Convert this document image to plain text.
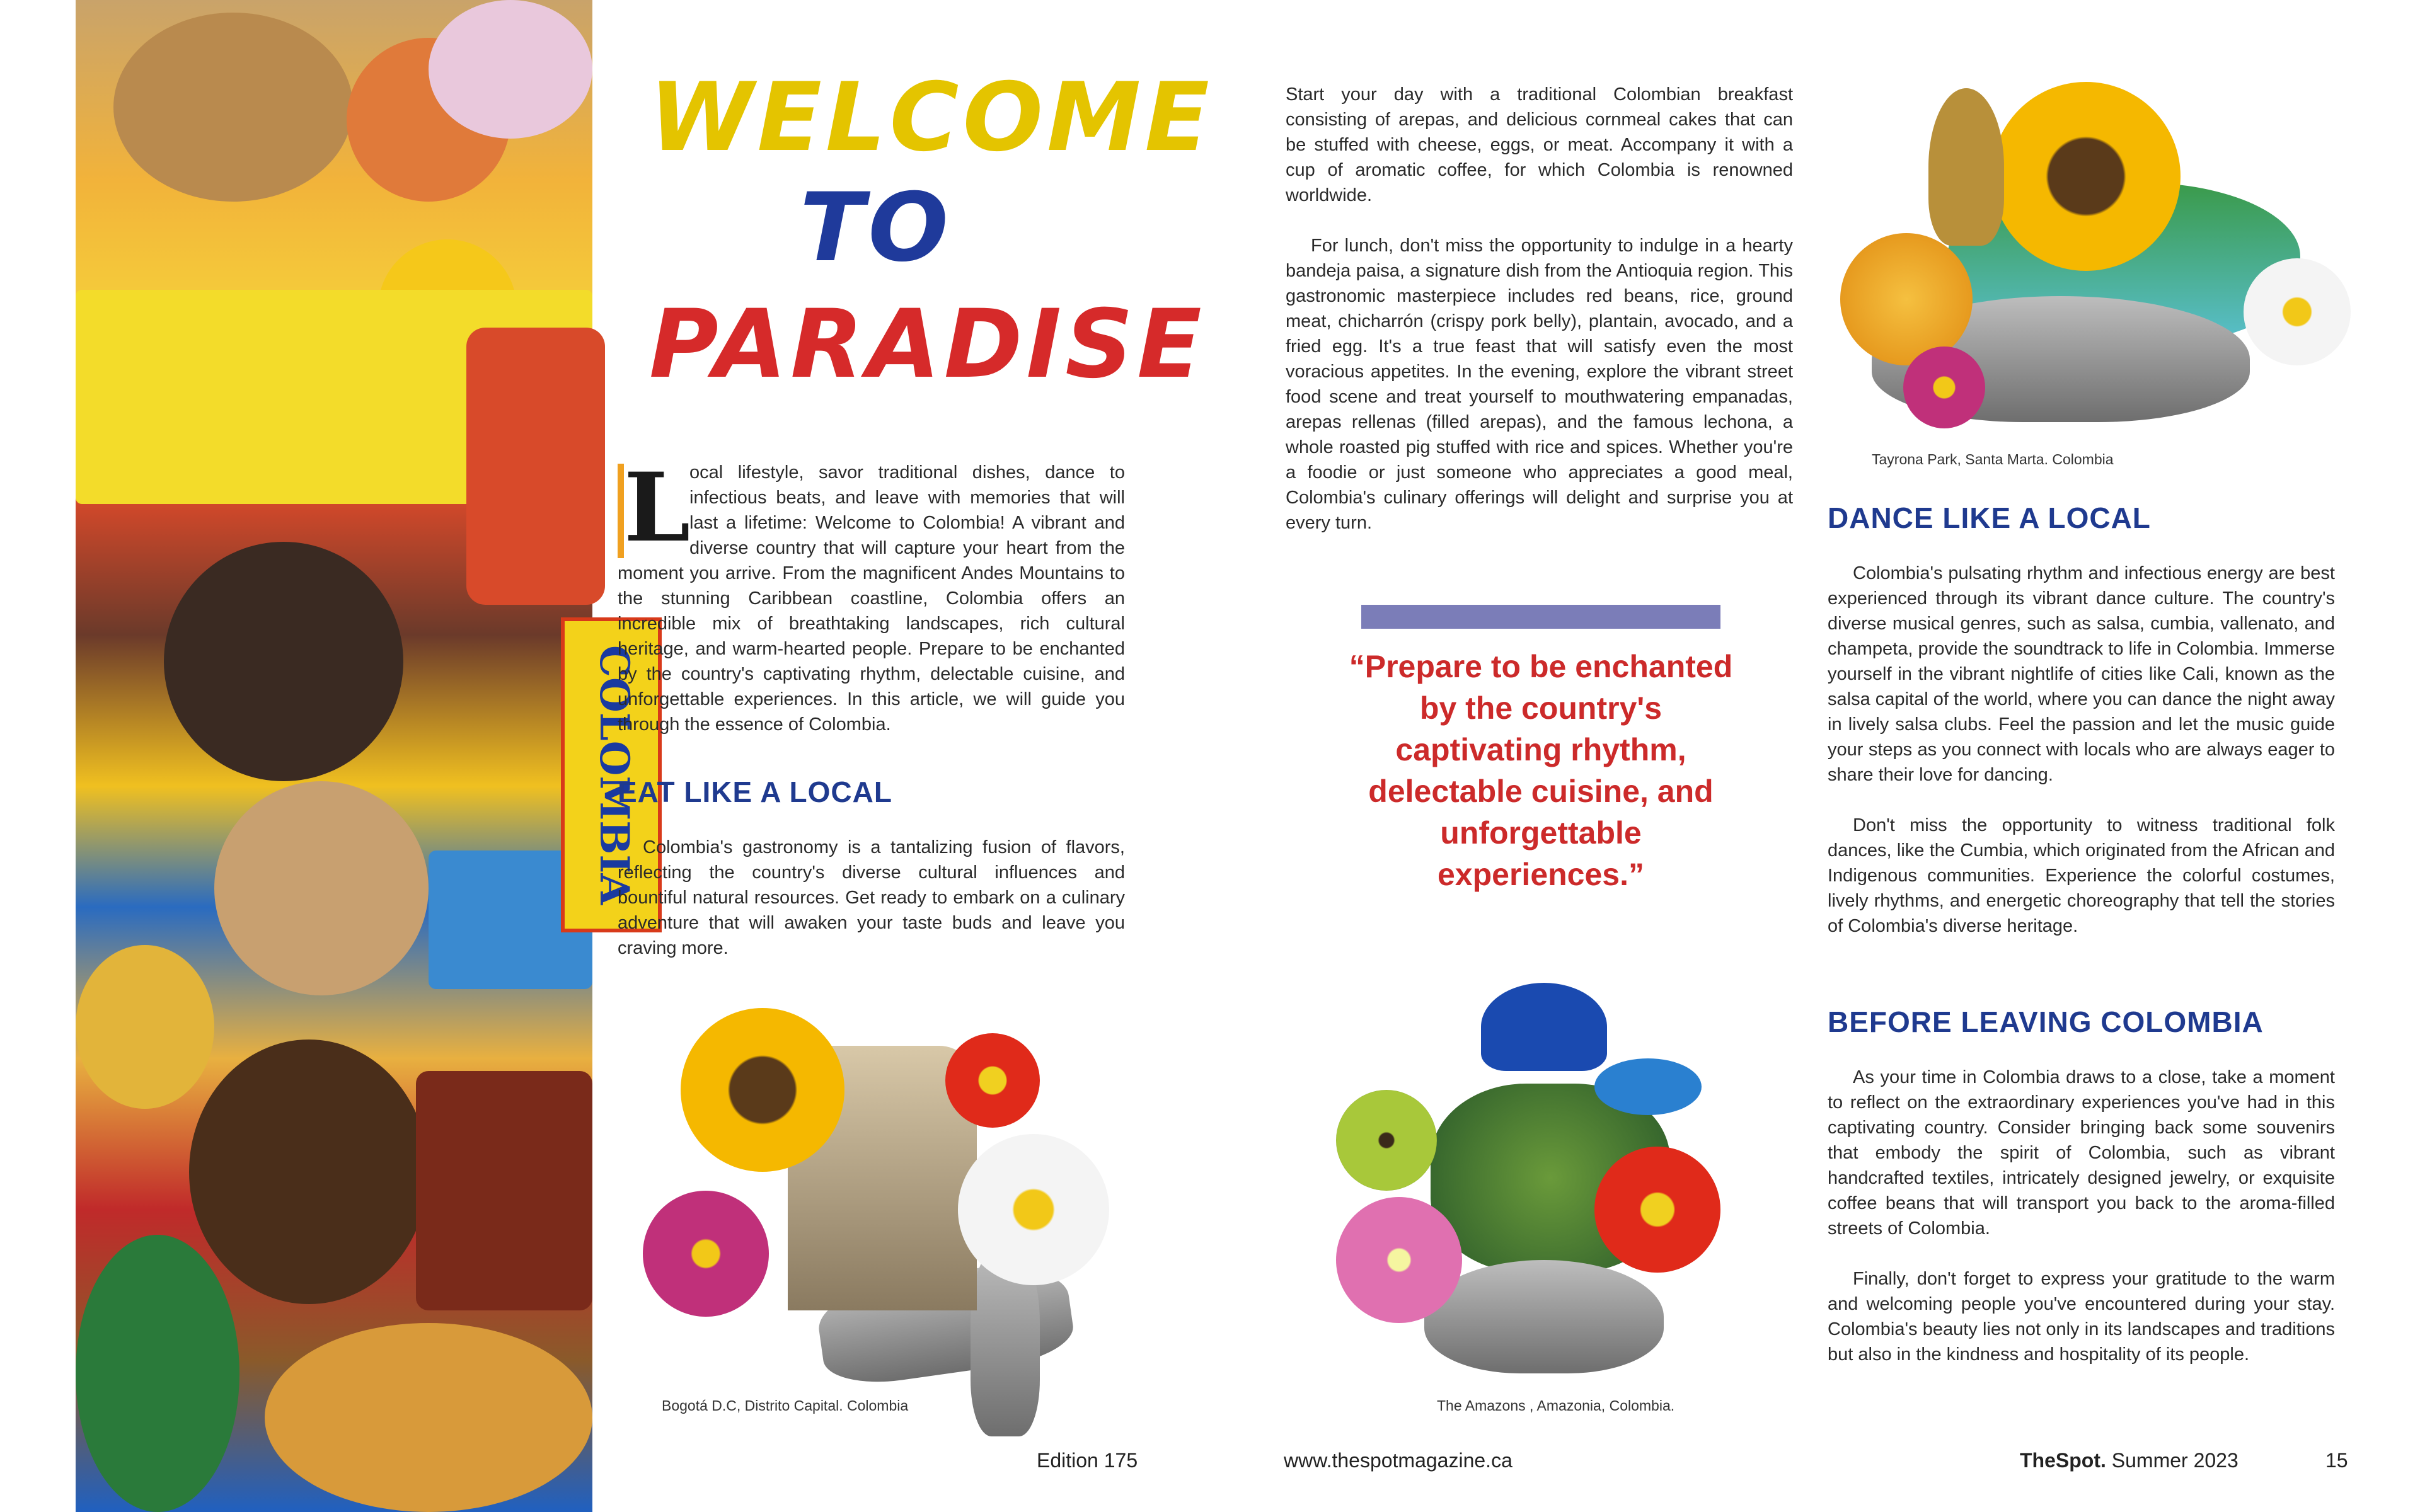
COLOMBIA
WELCOME
TO
PARADISE
L
ocal lifestyle, savor traditional dishes, dance to infectious beats, and leave with memories that will last a lifetime: Welcome to Colombia! A vibrant and diverse country that will capture your heart from the moment you arrive. From the magnificent Andes Mountains to the stunning Caribbean coastline, Colombia offers an incredible mix of breathtaking landscapes, rich cultural heritage, and warm-hearted people. Prepare to be enchanted by the country's captivating rhythm, delectable cuisine, and unforgettable experiences. In this article, we will guide you through the essence of Colombia.
EAT LIKE A LOCAL

Colombia's gastronomy is a tantalizing fusion of flavors, reflecting the country's diverse cultural influences and bountiful natural resources. Get ready to embark on a culinary adventure that will awaken your taste buds and leave you craving more.

Bogotá D.C, Distrito Capital. Colombia

Start your day with a traditional Colombian breakfast consisting of arepas, and delicious cornmeal cakes that can be stuffed with cheese, eggs, or meat. Accompany it with a cup of aromatic coffee, for which Colombia is renowned worldwide.

For lunch, don't miss the opportunity to indulge in a hearty bandeja paisa, a signature dish from the Antioquia region. This gastronomic masterpiece includes red beans, rice, ground meat, chicharrón (crispy pork belly), plantain, avocado, and a fried egg. It's a true feast that will satisfy even the most voracious appetites. In the evening, explore the vibrant street food scene and treat yourself to mouthwatering empanadas, arepas rellenas (filled arepas), and the famous lechona, a whole roasted pig stuffed with rice and spices. Whether you're a foodie or just someone who appreciates a good meal, Colombia's culinary offerings will delight and surprise you at every turn.

“Prepare to be enchanted by the country's captivating rhythm, delectable cuisine, and unforgettable experiences.”
The Amazons , Amazonia, Colombia.
Tayrona Park, Santa Marta. Colombia
DANCE LIKE A LOCAL

Colombia's pulsating rhythm and infectious energy are best experienced through its vibrant dance culture. The country's diverse musical genres, such as salsa, cumbia, vallenato, and champeta, provide the soundtrack to life in Colombia. Immerse yourself in the vibrant nightlife of cities like Cali, known as the salsa capital of the world, where you can dance the night away in lively salsa clubs. Feel the passion and let the music guide your steps as you connect with locals who are always eager to share their love for dancing.

Don't miss the opportunity to witness traditional folk dances, like the Cumbia, which originated from the African and Indigenous communities. Experience the colorful costumes, lively rhythms, and energetic choreography that tell the stories of Colombia's diverse heritage.

BEFORE LEAVING COLOMBIA

As your time in Colombia draws to a close, take a moment to reflect on the extraordinary experiences you've had in this captivating country. Consider bringing back some souvenirs that embody the spirit of Colombia, such as vibrant handcrafted textiles, intricately designed jewelry, or exquisite coffee beans that will transport you back to the aroma-filled streets of Colombia.

Finally, don't forget to express your gratitude to the warm and welcoming people you've encountered during your stay. Colombia's beauty lies not only in its landscapes and traditions but also in the kindness and hospitality of its people.

Edition 175	www.thespotmagazine.ca	TheSpot. Summer 2023	15
